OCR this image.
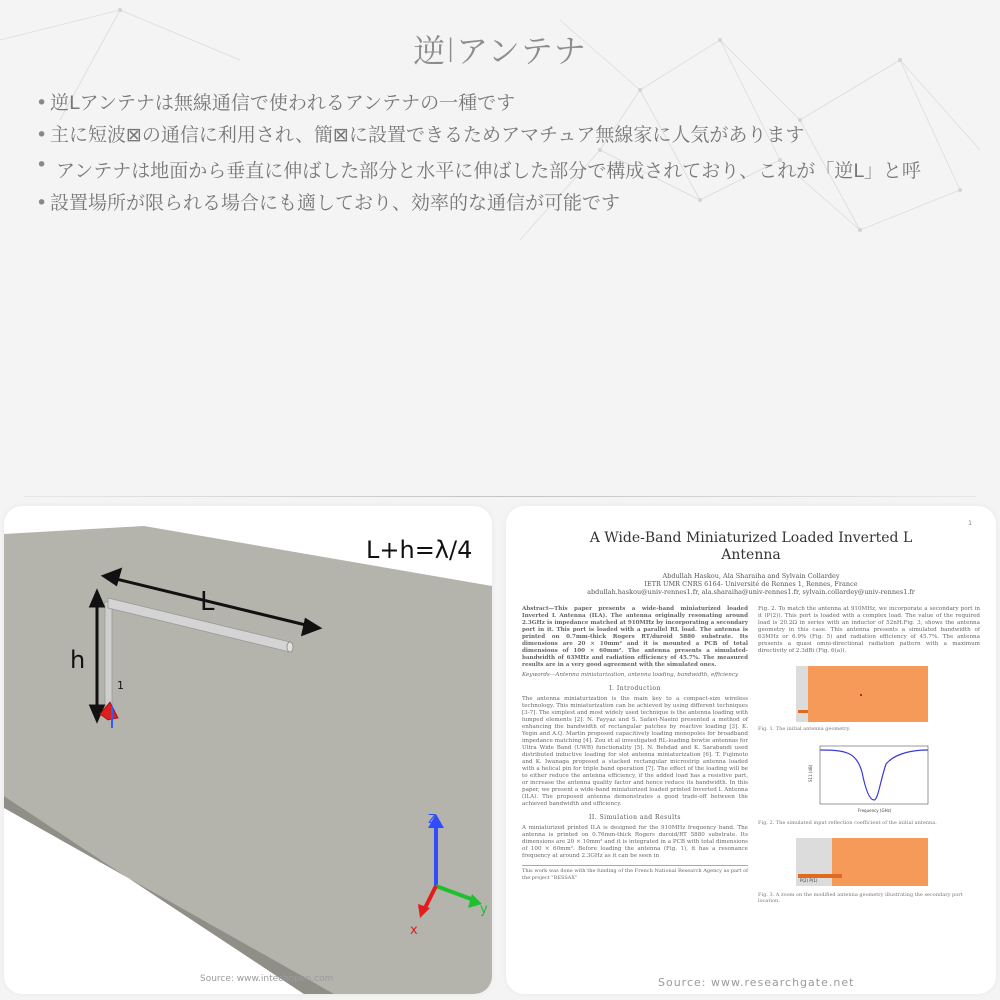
逆lアンテナ
• 逆Lアンテナは無線通信で使われるアンテナの一種です
• 主に短波⊠の通信に利用され、簡⊠に設置できるためアマチュア無線家に人気があります
• アンテナは地面から垂直に伸ばした部分と水平に伸ばした部分で構成されており、これが「逆L」と呼
• 設置場所が限られる場合にも適しており、効率的な通信が可能です
L
h
1
L+h=λ/4
Z
y
x
Source: www.intechopen.com
1
A Wide-Band Miniaturized Loaded Inverted L
Antenna
Abdullah Haskou, Ala Sharaiha and Sylvain Collardey
IETR UMR CNRS 6164- Université de Rennes 1, Rennes, France
abdullah.haskou@univ-rennes1.fr, ala.sharaiha@univ-rennes1.fr, sylvain.collardey@univ-rennes1.fr
Abstract—This paper presents a wide-band miniaturized loaded Inverted L Antenna (ILA). The antenna originally resonating around 2.3GHz is impedance matched at 910MHz by incorporating a secondary port in it. This port is loaded with a parallel RL load. The antenna is printed on 0.7mm-thick Rogers RT/duroid 5880 substrate. Its dimensions are 20 × 10mm² and it is mounted a PCB of total dimensions of 100 × 60mm². The antenna presents a simulated-bandwidth of 63MHz and radiation efficiency of 45.7%. The measured results are in a very good agreement with the simulated ones.
Keywords—Antenna miniaturization, antenna loading, bandwidth, efficiency
I. Introduction
The antenna miniaturization is the main key to a compact-size wireless technology. This miniaturization can be achieved by using different techniques [3-7]. The simplest and most widely used technique is the antenna loading with lumped elements [2]. N. Fayyaz and S. Safavi-Naeini presented a method of enhancing the bandwidth of rectangular patches by reactive loading [3]. K. Yegin and A.Q. Martin proposed capacitively loading monopoles for broadband impedance matching [4]. Zou et al investigated RL-loading bowtie antennas for Ultra Wide Band (UWB) functionality [5]. N. Behdad and K. Sarabandi used distributed inductive loading for slot antenna miniaturization [6]. T. Fujimoto and K. Iwanaga proposed a stacked rectangular microstrip antenna loaded with a helical pin for triple band operation [7]. The effect of the loading will be to either reduce the antenna efficiency, if the added load has a resistive part, or increase the antenna quality factor and hence reduce its bandwidth. In this paper, we present a wide-band miniaturized loaded printed Inverted L Antenna (ILA). The proposed antenna demonstrates a good trade-off between the achieved bandwidth and efficiency.
II. Simulation and Results
A miniaturized printed ILA is designed for the 910MHz frequency band. The antenna is printed on 0.76mm-thick Rogers duroid/RT 5880 substrate. Its dimensions are 20 × 10mm² and it is integrated in a PCB with total dimensions of 100 × 60mm². Before loading the antenna (Fig. 1), it has a resonance frequency at around 2.3GHz as it can be seen in
This work was done with the funding of the French National Research Agency as part of the project "RESSAX"
Fig. 2. To match the antenna at 910MHz, we incorporate a secondary port in it (P(2)). This port is loaded with a complex load. The value of the required load is 20.2Ω in series with an inductor of 52nH.Fig. 3, shows the antenna geometry in this case. This antenna presents a simulated bandwidth of 63MHz or 6.9% (Fig. 5) and radiation efficiency of 45.7%. The antenna presents a quasi omni-directional radiation pattern with a maximum directivity of 2.3dBi (Fig. 6(a)).
Fig. 1. The initial antenna geometry.
S11 (dB)
Frequency (GHz)
Fig. 2. The simulated input reflection coefficient of the initial antenna.
P(2) P(1)
Fig. 3. A zoom on the modified antenna geometry illustrating the secondary port location.
Source: www.researchgate.net
